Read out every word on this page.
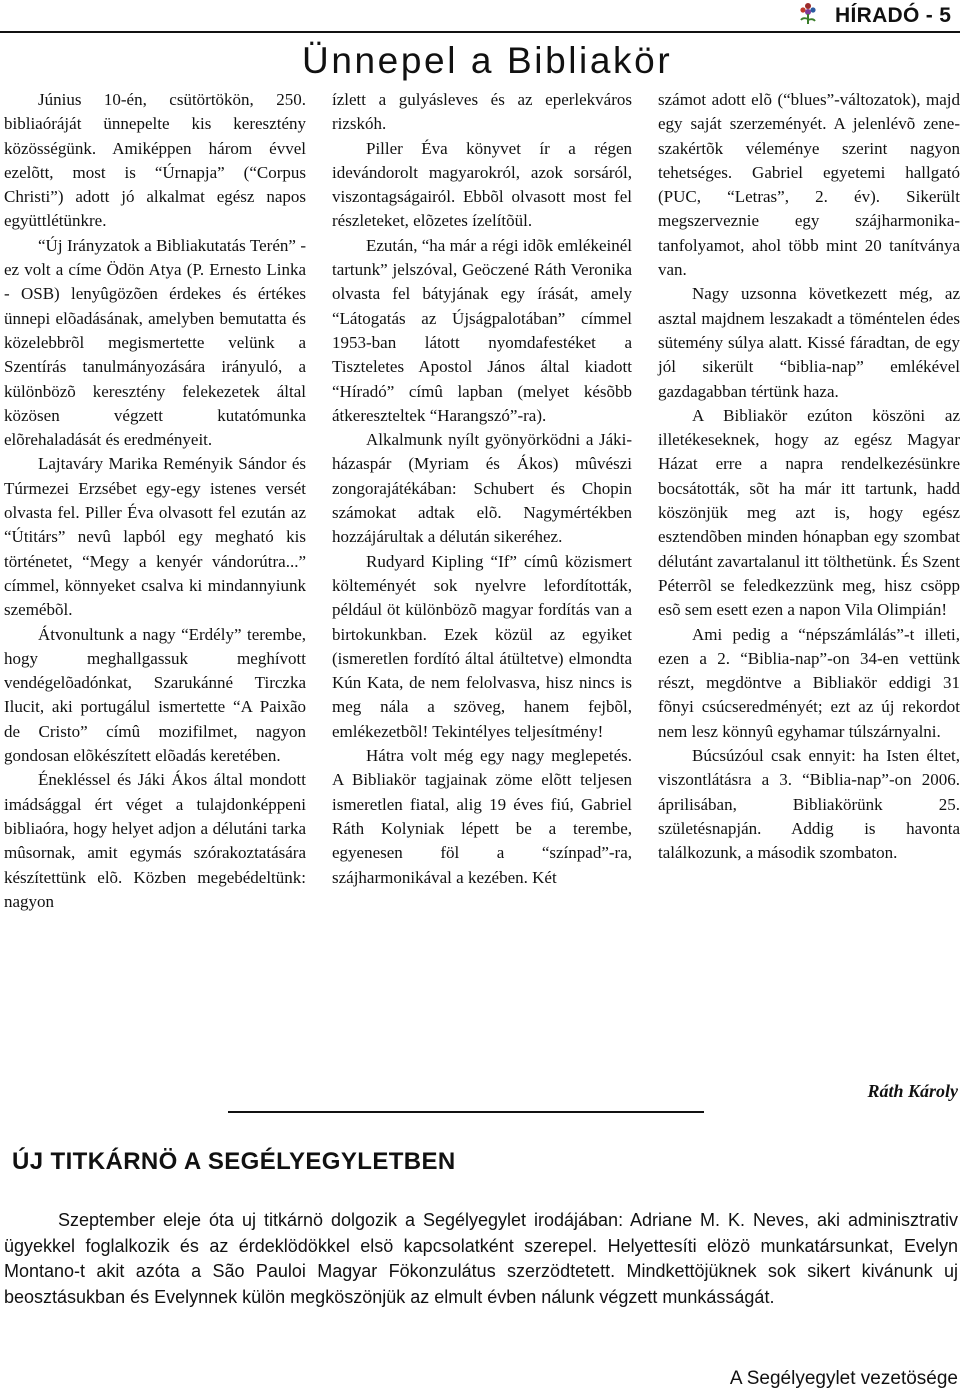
HÍRADÓ - 5
Ünnepel a Bibliakör

Június 10-én, csütörtökön, 250. bibliaóráját ünnepelte kis keresztény közösségünk. Amiképpen három évvel ezelõtt, most is “Úrnapja” (“Corpus Christi”) adott jó alkalmat egész napos együttlétünkre.

“Új Irányzatok a Bibliakutatás Terén” - ez volt a címe Ödön Atya (P. Ernesto Linka - OSB) lenyûgözõen érdekes és értékes ünnepi elõadásának, amelyben bemutatta és közelebbrõl megismertette velünk a Szentírás tanulmányozására irányuló, a különbözõ keresztény felekezetek által közösen végzett kutatómunka elõrehaladását és eredményeit.

Lajtaváry Marika Reményik Sándor és Túrmezei Erzsébet egy-egy istenes versét olvasta fel. Piller Éva olvasott fel ezután az “Útitárs” nevû lapból egy megható kis történetet, “Megy a kenyér vándorútra...” címmel, könnyeket csalva ki mindannyiunk szemébõl.

Átvonultunk a nagy “Erdély” terembe, hogy meghallgassuk meghívott vendégelõadónkat, Szarukánné Tirczka Ilucit, aki portugálul ismertette “A Paixão de Cristo” címû mozifilmet, nagyon gondosan elõkészített elõadás keretében.

Énekléssel és Jáki Ákos által mondott imádsággal ért véget a tulajdonképpeni bibliaóra, hogy helyet adjon a délutáni tarka mûsornak, amit egymás szórakoztatására készítettünk elõ. Közben megebédeltünk: nagyon

ízlett a gulyásleves és az eperlekváros rizskóh.

Piller Éva könyvet ír a régen idevándorolt magyarokról, azok sorsáról, viszontagságairól. Ebbõl olvasott most fel részleteket, elõzetes ízelítõül.

Ezután, “ha már a régi idõk emlékeinél tartunk” jelszóval, Geöczené Ráth Veronika olvasta fel bátyjának egy írását, amely “Látogatás az Újságpalotában” címmel 1953-ban látott nyomdafestéket a Tiszteletes Apostol János által kiadott “Híradó” címû lapban (melyet késõbb átkereszteltek “Harangszó”-ra).

Alkalmunk nyílt gyönyörködni a Jáki-házaspár (Myriam és Ákos) mûvészi zongorajátékában: Schubert és Chopin számokat adtak elõ. Nagymértékben hozzájárultak a délután sikeréhez.

Rudyard Kipling “If” címû közismert költeményét sok nyelvre lefordították, például öt különbözõ magyar fordítás van a birtokunkban. Ezek közül az egyiket (ismeretlen fordító által átültetve) elmondta Kún Kata, de nem felolvasva, hisz nincs is meg nála a szöveg, hanem fejbõl, emlékezetbõl! Tekintélyes teljesítmény!

Hátra volt még egy nagy meglepetés. A Bibliakör tagjainak zöme elõtt teljesen ismeretlen fiatal, alig 19 éves fiú, Gabriel Ráth Kolyniak lépett be a terembe, egyenesen föl a “színpad”-ra, szájharmonikával a kezében. Két

számot adott elõ (“blues”-változatok), majd egy saját szerzeményét. A jelenlévõ zene-szakértõk véleménye szerint nagyon tehetséges. Gabriel egyetemi hallgató (PUC, “Letras”, 2. év). Sikerült megszerveznie egy szájharmonika-tanfolyamot, ahol több mint 20 tanítványa van.

Nagy uzsonna következett még, az asztal majdnem leszakadt a töméntelen édes sütemény súlya alatt. Kissé fáradtan, de egy jól sikerült “biblia-nap” emlékével gazdagabban tértünk haza.

A Bibliakör ezúton köszöni az illetékeseknek, hogy az egész Magyar Házat erre a napra rendelkezésünkre bocsátották, sõt ha már itt tartunk, hadd köszönjük meg azt is, hogy egész esztendõben minden hónapban egy szombat délutánt zavartalanul itt tölthetünk. És Szent Péterrõl se feledkezzünk meg, hisz csöpp esõ sem esett ezen a napon Vila Olimpián!

Ami pedig a “népszámlálás”-t illeti, ezen a 2. “Biblia-nap”-on 34-en vettünk részt, megdöntve a Bibliakör eddigi 31 fõnyi csúcseredményét; ezt az új rekordot nem lesz könnyû egyhamar túlszárnyalni.

Búcsúzóul csak ennyit: ha Isten éltet, viszontlátásra a 3. “Biblia-nap”-on 2006. áprilisában, Bibliakörünk 25. születésnapján. Addig is havonta találkozunk, a második szombaton.

Ráth Károly
ÚJ TITKÁRNÖ A SEGÉLYEGYLETBEN

Szeptember eleje óta uj titkárnö dolgozik a Segélyegylet irodájában: Adriane M. K. Neves, aki adminisztrativ ügyekkel foglalkozik és az érdeklödökkel elsö kapcsolatként szerepel. Helyettesíti elözö munkatársunkat, Evelyn Montano-t akit azóta a São Pauloi Magyar Fökonzulátus szerzödtetett. Mindkettöjüknek sok sikert kivánunk uj beosztásukban és Evelynnek külön megköszönjük az elmult évben nálunk végzett munkásságát.

A Segélyegylet vezetösége
